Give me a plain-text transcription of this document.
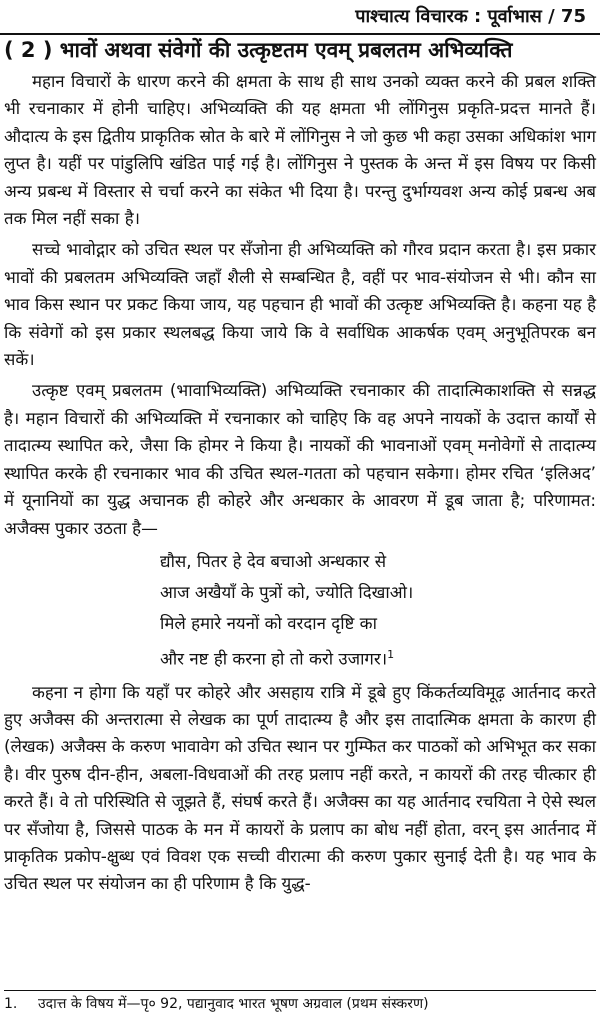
पाश्चात्य विचारक : पूर्वाभास / 75
( 2 ) भावों अथवा संवेगों की उत्कृष्टतम एवम् प्रबलतम अभिव्यक्ति

महान विचारों के धारण करने की क्षमता के साथ ही साथ उनको व्यक्त करने की प्रबल शक्ति भी रचनाकार में होनी चाहिए। अभिव्यक्ति की यह क्षमता भी लोंगिनुस प्रकृति-प्रदत्त मानते हैं। औदात्य के इस द्वितीय प्राकृतिक स्रोत के बारे में लोंगिनुस ने जो कुछ भी कहा उसका अधिकांश भाग लुप्त है। यहीं पर पांडुलिपि खंडित पाई गई है। लोंगिनुस ने पुस्तक के अन्त में इस विषय पर किसी अन्य प्रबन्ध में विस्तार से चर्चा करने का संकेत भी दिया है। परन्तु दुर्भाग्यवश अन्य कोई प्रबन्ध अब तक मिल नहीं सका है।

सच्चे भावोद्गार को उचित स्थल पर सँजोना ही अभिव्यक्ति को गौरव प्रदान करता है। इस प्रकार भावों की प्रबलतम अभिव्यक्ति जहाँ शैली से सम्बन्धित है, वहीं पर भाव-संयोजन से भी। कौन सा भाव किस स्थान पर प्रकट किया जाय, यह पहचान ही भावों की उत्कृष्ट अभिव्यक्ति है। कहना यह है कि संवेगों को इस प्रकार स्थलबद्ध किया जाये कि वे सर्वाधिक आकर्षक एवम् अनुभूतिपरक बन सकें।

उत्कृष्ट एवम् प्रबलतम (भावाभिव्यक्ति) अभिव्यक्ति रचनाकार की तादात्मिकाशक्ति से सन्नद्ध है। महान विचारों की अभिव्यक्ति में रचनाकार को चाहिए कि वह अपने नायकों के उदात्त कार्यों से तादात्म्य स्थापित करे, जैसा कि होमर ने किया है। नायकों की भावनाओं एवम् मनोवेगों से तादात्म्य स्थापित करके ही रचनाकार भाव की उचित स्थल-गतता को पहचान सकेगा। होमर रचित ‘इलिअद’ में यूनानियों का युद्ध अचानक ही कोहरे और अन्धकार के आवरण में डूब जाता है; परिणामत: अजैक्स पुकार उठता है—

द्यौस, पितर हे देव बचाओ अन्धकार से
आज अखैयाँ के पुत्रों को, ज्योति दिखाओ।
मिले हमारे नयनों को वरदान दृष्टि का
और नष्ट ही करना हो तो करो उजागर।$^1$

कहना न होगा कि यहाँ पर कोहरे और असहाय रात्रि में डूबे हुए किंकर्तव्यविमूढ़ आर्तनाद करते हुए अजैक्स की अन्तरात्मा से लेखक का पूर्ण तादात्म्य है और इस तादात्मिक क्षमता के कारण ही (लेखक) अजैक्स के करुण भावावेग को उचित स्थान पर गुम्फित कर पाठकों को अभिभूत कर सका है। वीर पुरुष दीन-हीन, अबला-विधवाओं की तरह प्रलाप नहीं करते, न कायरों की तरह चीत्कार ही करते हैं। वे तो परिस्थिति से जूझते हैं, संघर्ष करते हैं। अजैक्स का यह आर्तनाद रचयिता ने ऐसे स्थल पर सँजोया है, जिससे पाठक के मन में कायरों के प्रलाप का बोध नहीं होता, वरन् इस आर्तनाद में प्राकृतिक प्रकोप-क्षुब्ध एवं विवश एक सच्ची वीरात्मा की करुण पुकार सुनाई देती है। यह भाव के उचित स्थल पर संयोजन का ही परिणाम है कि युद्ध-

1. उदात्त के विषय में—पृ० 92, पद्यानुवाद भारत भूषण अग्रवाल (प्रथम संस्करण)
